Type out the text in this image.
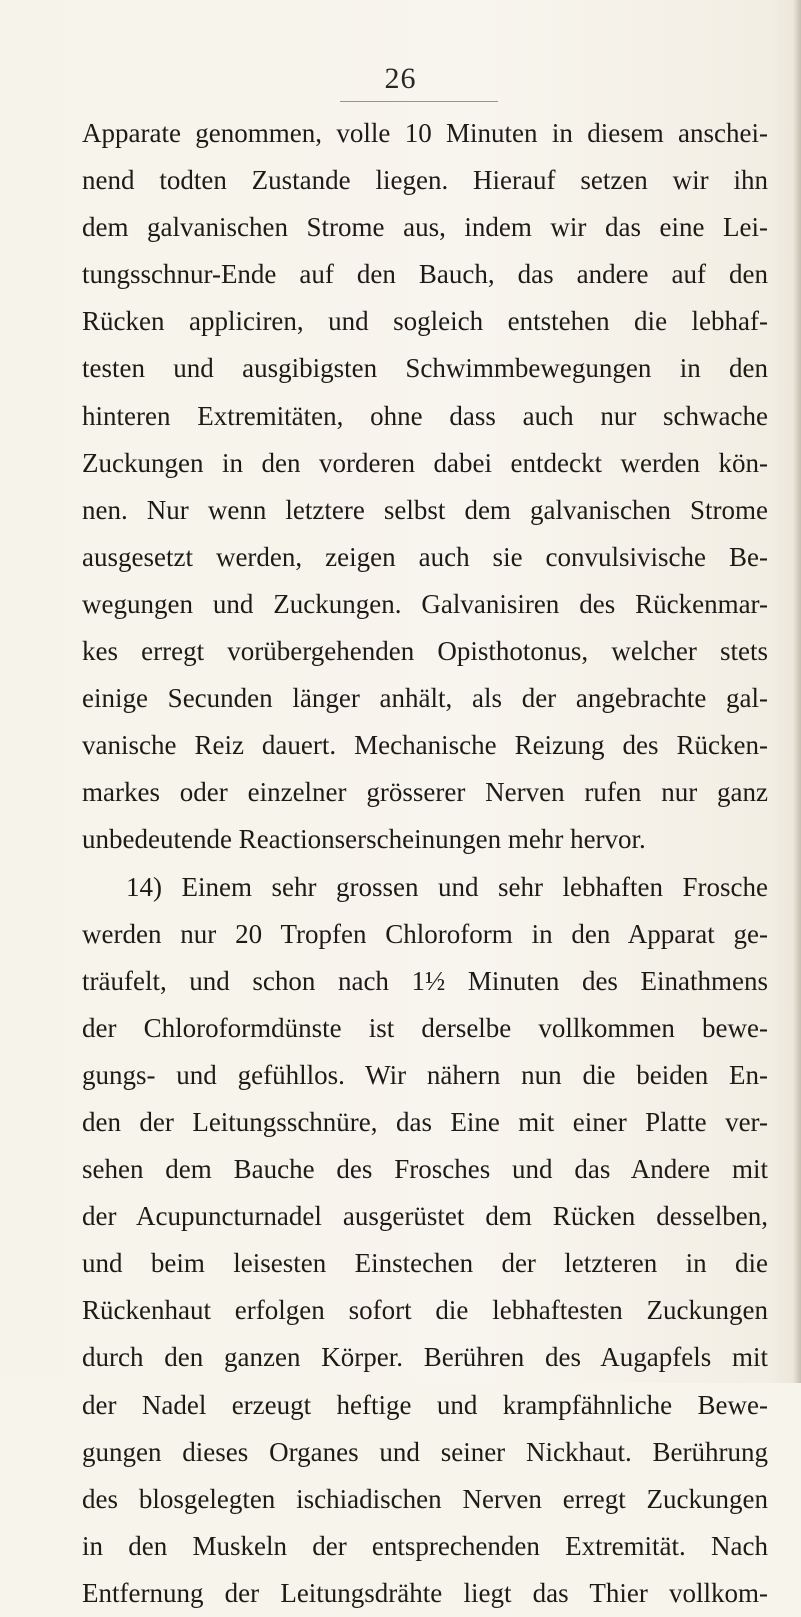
26
Apparate genommen, volle 10 Minuten in diesem anschei-
nend todten Zustande liegen. Hierauf setzen wir ihn
dem galvanischen Strome aus, indem wir das eine Lei-
tungsschnur-Ende auf den Bauch, das andere auf den
Rücken appliciren, und sogleich entstehen die lebhaf-
testen und ausgibigsten Schwimmbewegungen in den
hinteren Extremitäten, ohne dass auch nur schwache
Zuckungen in den vorderen dabei entdeckt werden kön-
nen. Nur wenn letztere selbst dem galvanischen Strome
ausgesetzt werden, zeigen auch sie convulsivische Be-
wegungen und Zuckungen. Galvanisiren des Rückenmar-
kes erregt vorübergehenden Opisthotonus, welcher stets
einige Secunden länger anhält, als der angebrachte gal-
vanische Reiz dauert. Mechanische Reizung des Rücken-
markes oder einzelner grösserer Nerven rufen nur ganz
unbedeutende Reactionserscheinungen mehr hervor.
14) Einem sehr grossen und sehr lebhaften Frosche
werden nur 20 Tropfen Chloroform in den Apparat ge-
träufelt, und schon nach 1½ Minuten des Einathmens
der Chloroformdünste ist derselbe vollkommen bewe-
gungs- und gefühllos. Wir nähern nun die beiden En-
den der Leitungsschnüre, das Eine mit einer Platte ver-
sehen dem Bauche des Frosches und das Andere mit
der Acupuncturnadel ausgerüstet dem Rücken desselben,
und beim leisesten Einstechen der letzteren in die
Rückenhaut erfolgen sofort die lebhaftesten Zuckungen
durch den ganzen Körper. Berühren des Augapfels mit
der Nadel erzeugt heftige und krampfähnliche Bewe-
gungen dieses Organes und seiner Nickhaut. Berührung
des blosgelegten ischiadischen Nerven erregt Zuckungen
in den Muskeln der entsprechenden Extremität. Nach
Entfernung der Leitungsdrähte liegt das Thier vollkom-
